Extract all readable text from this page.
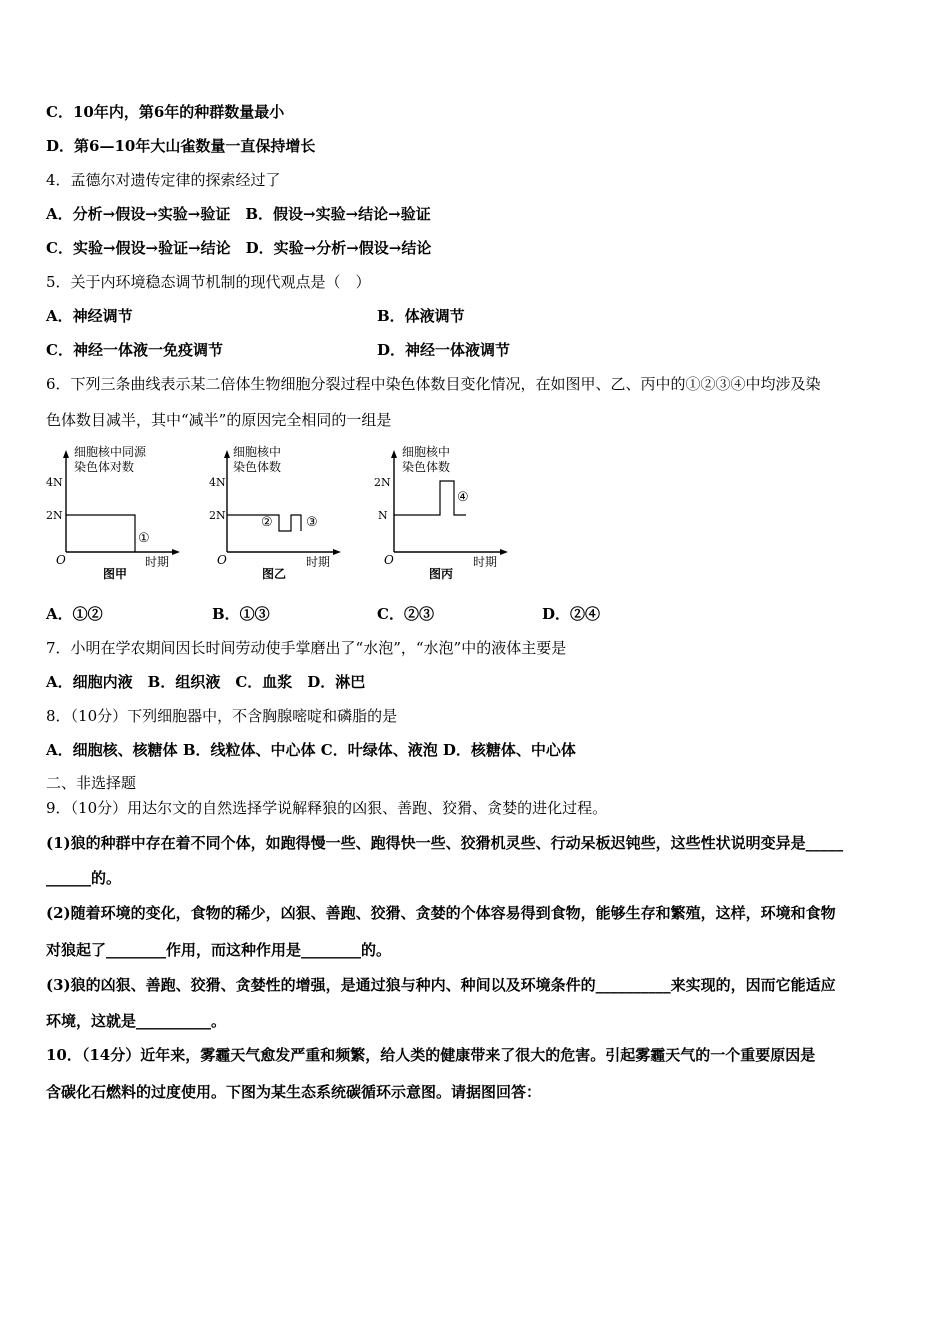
C．10年内，第6年的种群数量最小
D．第6—10年大山雀数量一直保持增长
4．孟德尔对遗传定律的探索经过了
A．分析→假设→实验→验证　B．假设→实验→结论→验证
C．实验→假设→验证→结论　D．实验→分析→假设→结论
5．关于内环境稳态调节机制的现代观点是（　）
A．神经调节	B．体液调节
C．神经一体液一免疫调节	D．神经一体液调节
6．下列三条曲线表示某二倍体生物细胞分裂过程中染色体数目变化情况，在如图甲、乙、丙中的①②③④中均涉及染
色体数目减半，其中“减半”的原因完全相同的一组是
细胞核中同源
染色体对数
4N
2N
①
O	时期
图甲
细胞核中
染色体数
4N
2N	②	③
O	时期
图乙
细胞核中
染色体数
2N
N
④
O	时期
图丙
A．①②	B．①③	C．②③	D．②④
7．小明在学农期间因长时间劳动使手掌磨出了“水泡”，“水泡”中的液体主要是
A．细胞内液　B．组织液　C．血浆　D．淋巴
8．（10分）下列细胞器中，不含胸腺嘧啶和磷脂的是
A．细胞核、核糖体 B．线粒体、中心体 C．叶绿体、液泡 D．核糖体、中心体
二、非选择题
9．（10分）用达尔文的自然选择学说解释狼的凶狠、善跑、狡猾、贪婪的进化过程。
(1)狼的种群中存在着不同个体，如跑得慢一些、跑得快一些、狡猾机灵些、行动呆板迟钝些，这些性状说明变异是_____
______的。
(2)随着环境的变化，食物的稀少，凶狠、善跑、狡猾、贪婪的个体容易得到食物，能够生存和繁殖，这样，环境和食物
对狼起了________作用，而这种作用是________的。
(3)狼的凶狠、善跑、狡猾、贪婪性的增强，是通过狼与种内、种间以及环境条件的__________来实现的，因而它能适应
环境，这就是__________。
10．（14分）近年来，雾霾天气愈发严重和频繁，给人类的健康带来了很大的危害。引起雾霾天气的一个重要原因是
含碳化石燃料的过度使用。下图为某生态系统碳循环示意图。请据图回答：
